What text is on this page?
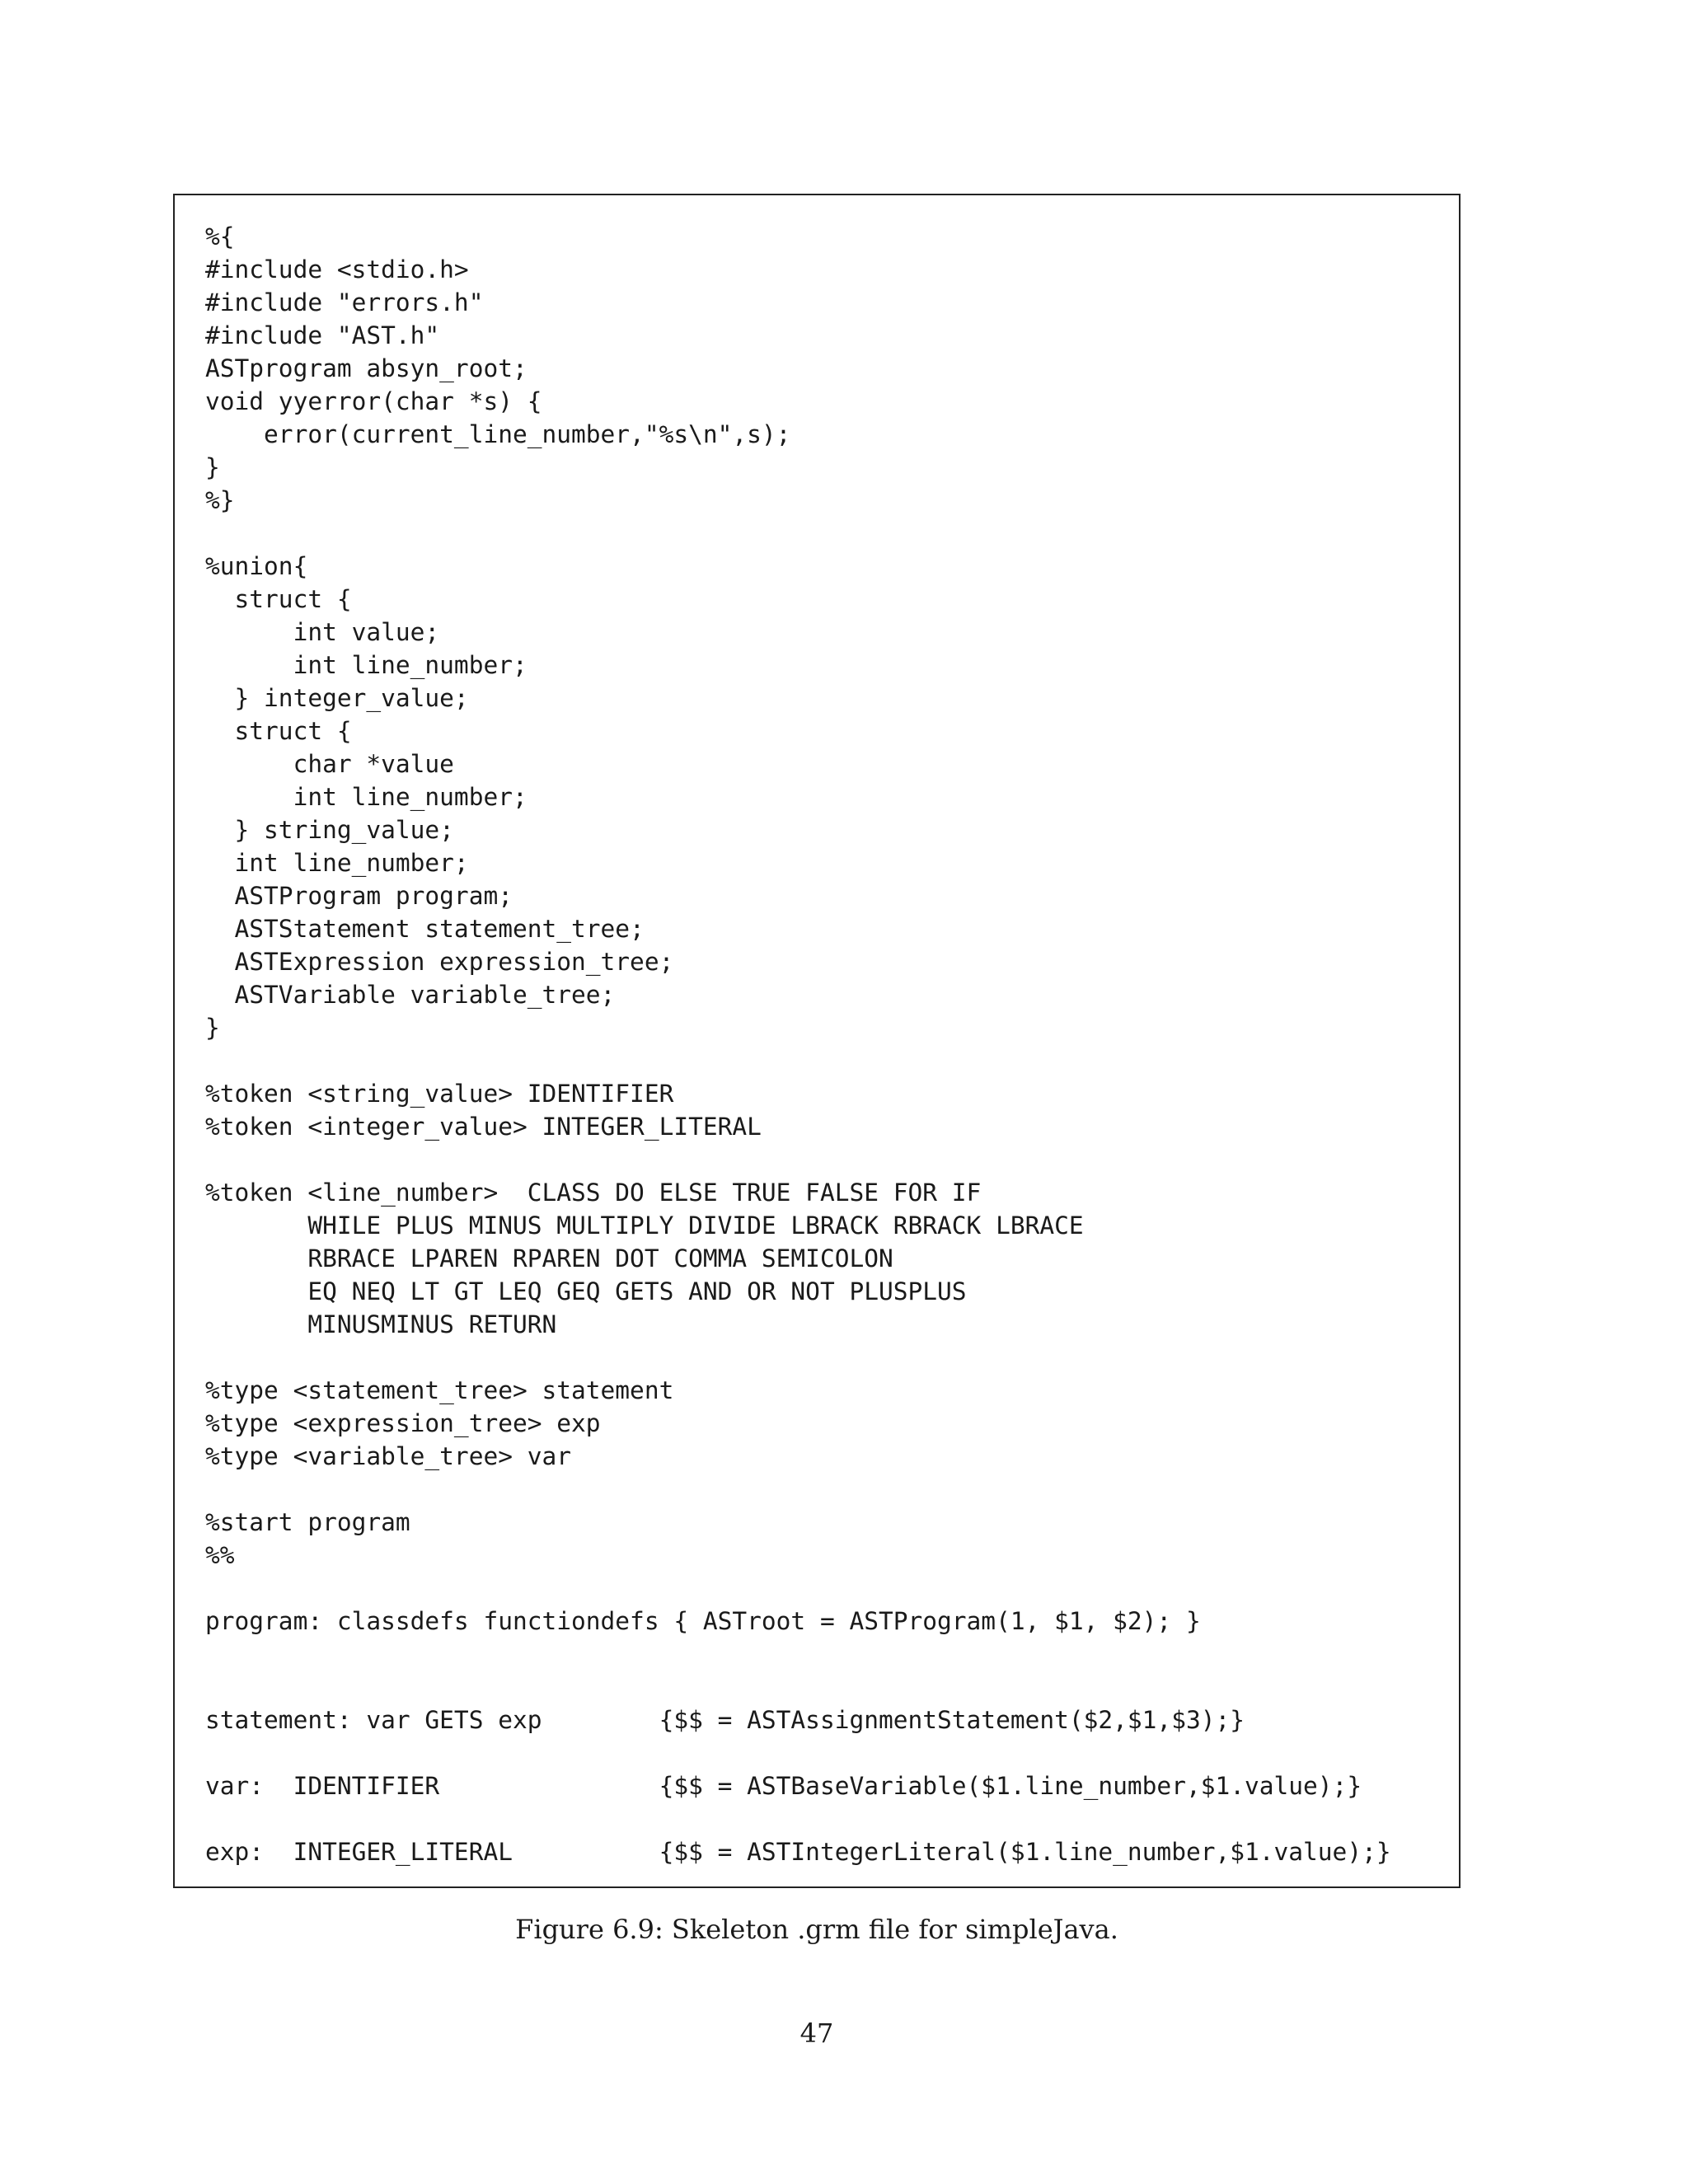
%{
#include <stdio.h>
#include "errors.h"
#include "AST.h"
ASTprogram absyn_root;
void yyerror(char *s) {
error(current_line_number,"%s\n",s);
}
%}
%union{
struct {
int value;
int line_number;
} integer_value;
struct {
char *value
int line_number;
} string_value;
int line_number;
ASTProgram program;
ASTStatement statement_tree;
ASTExpression expression_tree;
ASTVariable variable_tree;
}
%token <string_value> IDENTIFIER
%token <integer_value> INTEGER_LITERAL
%token <line_number>  CLASS DO ELSE TRUE FALSE FOR IF
WHILE PLUS MINUS MULTIPLY DIVIDE LBRACK RBRACK LBRACE
RBRACE LPAREN RPAREN DOT COMMA SEMICOLON
EQ NEQ LT GT LEQ GEQ GETS AND OR NOT PLUSPLUS
MINUSMINUS RETURN
%type <statement_tree> statement
%type <expression_tree> exp
%type <variable_tree> var
%start program
%%
program: classdefs functiondefs { ASTroot = ASTProgram(1, $1, $2); }
statement: var GETS exp        {$$ = ASTAssignmentStatement($2,$1,$3);}
var:  IDENTIFIER               {$$ = ASTBaseVariable($1.line_number,$1.value);}
exp:  INTEGER_LITERAL          {$$ = ASTIntegerLiteral($1.line_number,$1.value);}
Figure 6.9: Skeleton .grm file for simpleJava.
47
